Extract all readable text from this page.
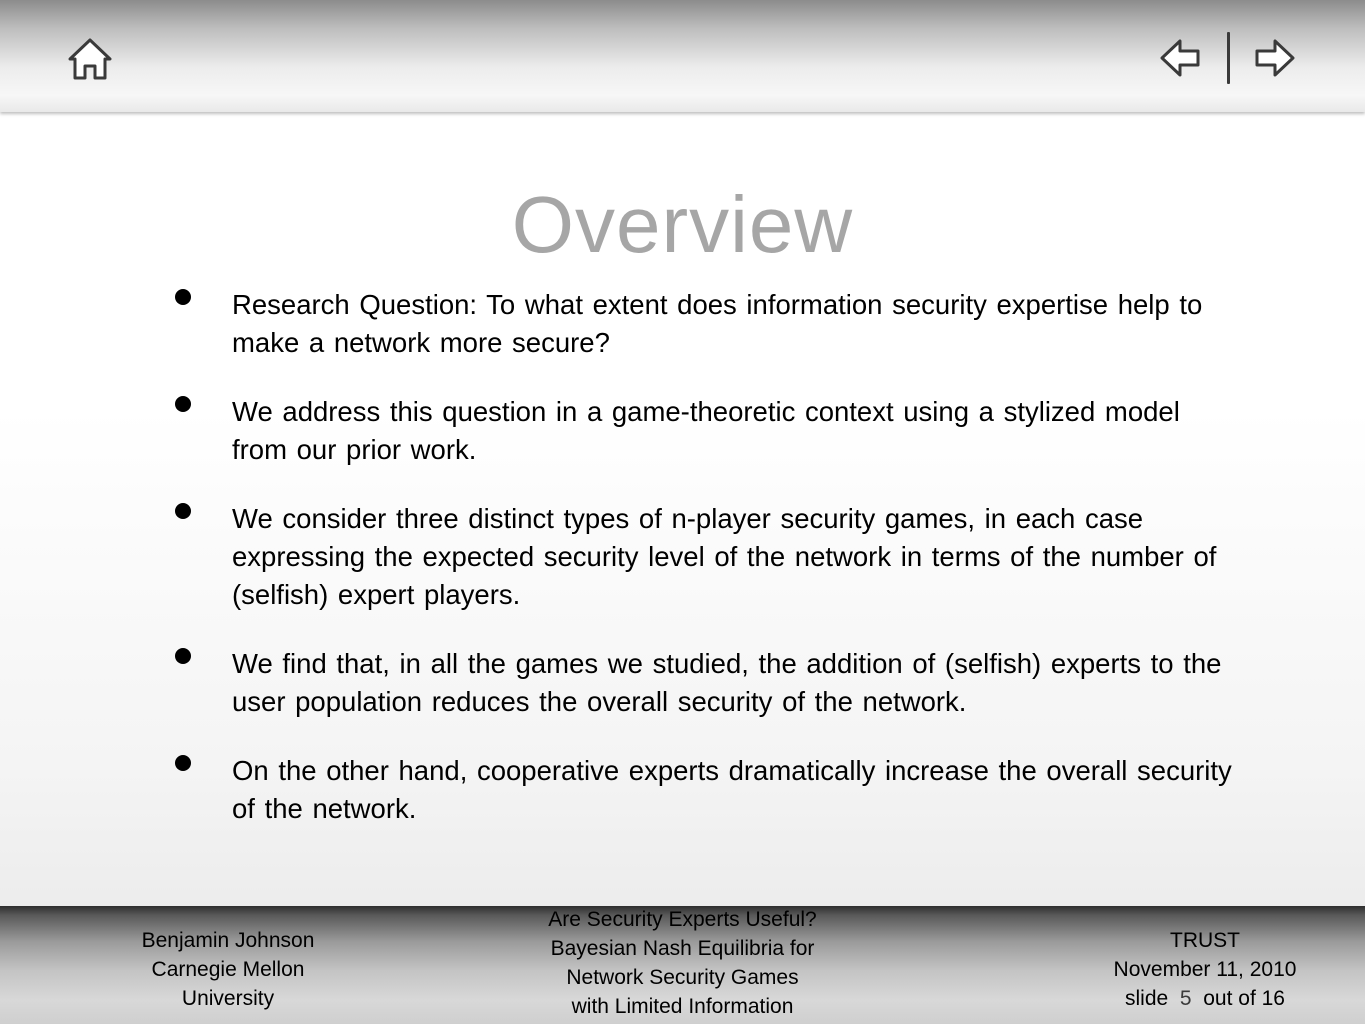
Overview
Research Question: To what extent does information security expertise help to make a network more secure?
We address this question in a game-theoretic context using a stylized model from our prior work.
We consider three distinct types of n-player security games, in each case expressing the expected security level of the network in terms of the number of (selfish) expert players.
We find that, in all the games we studied, the addition of (selfish) experts to the user population reduces the overall security of the network.
On the other hand, cooperative experts dramatically increase the overall security of the network.
Benjamin Johnson
Carnegie Mellon
University
Are Security Experts Useful?
Bayesian Nash Equilibria for
Network Security Games
with Limited Information
TRUST
November 11, 2010
slide 5 out of 16
